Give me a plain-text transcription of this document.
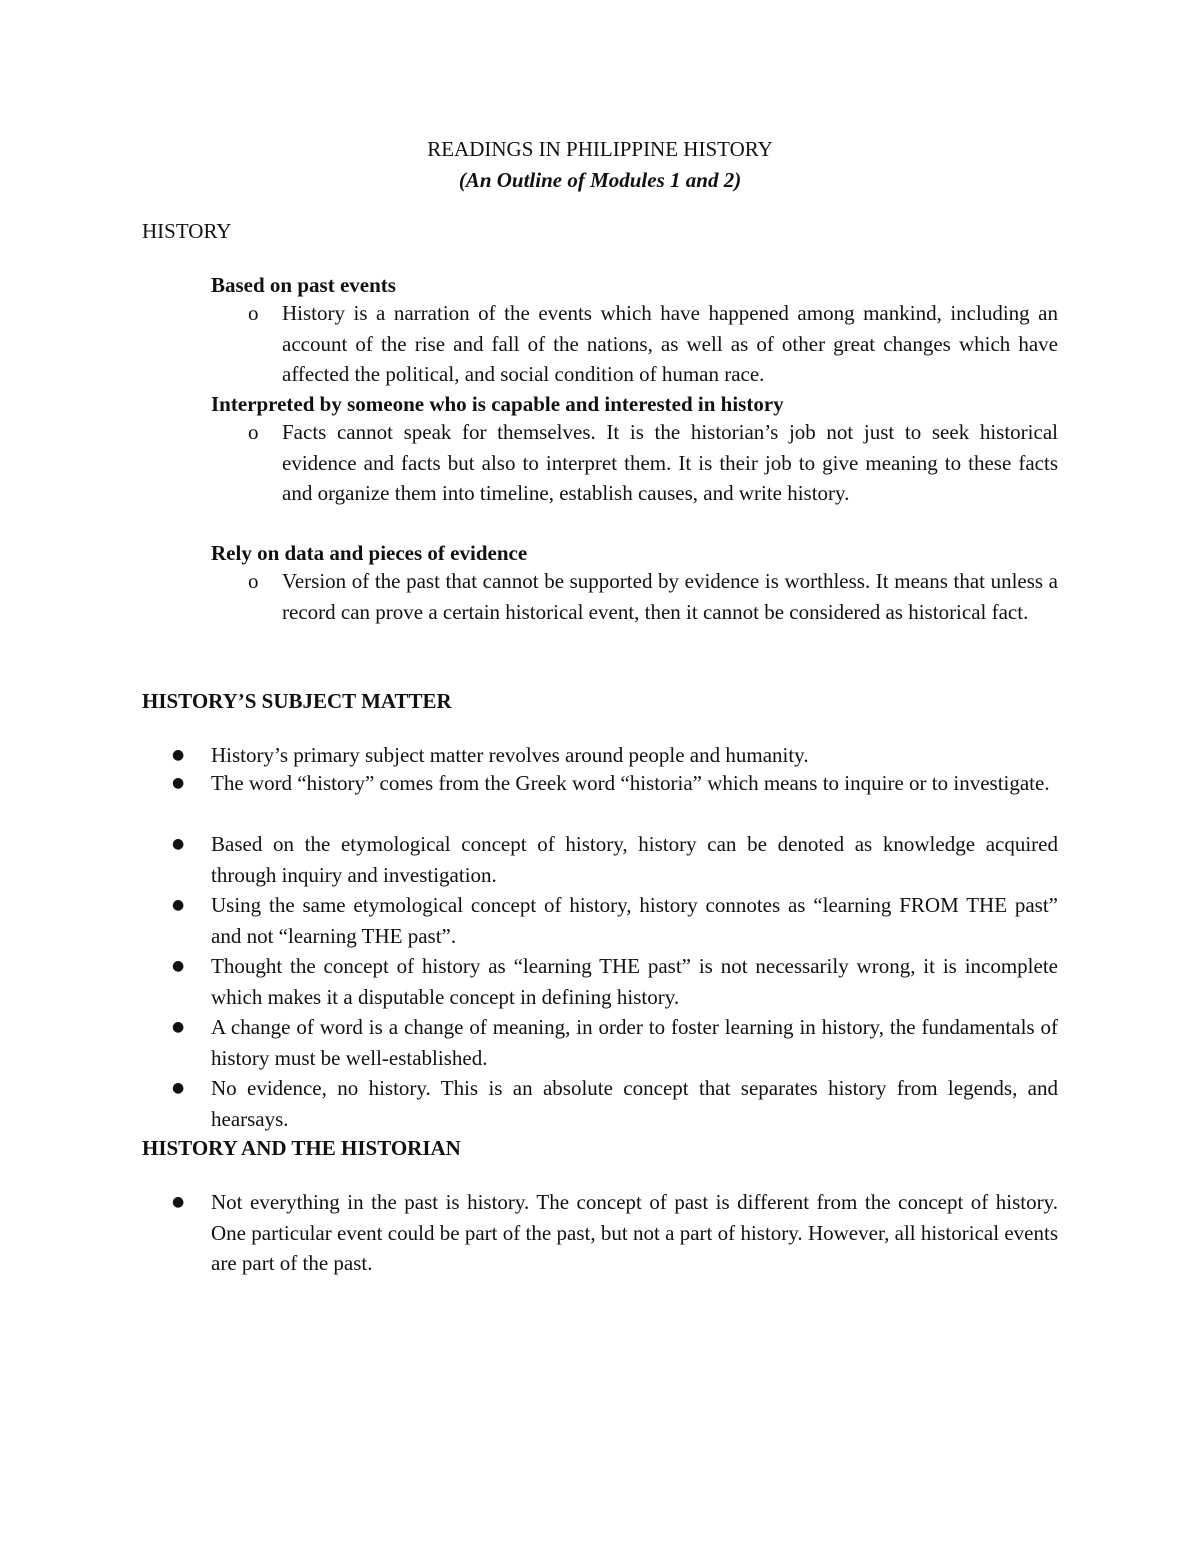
READINGS IN PHILIPPINE HISTORY
(An Outline of Modules 1 and 2)
HISTORY
Based on past events
o	History is a narration of the events which have happened among mankind, including an account of the rise and fall of the nations, as well as of other great changes which have affected the political, and social condition of human race.
Interpreted by someone who is capable and interested in history
o	Facts cannot speak for themselves. It is the historian’s job not just to seek historical evidence and facts but also to interpret them. It is their job to give meaning to these facts and organize them into timeline, establish causes, and write history.
Rely on data and pieces of evidence
o	Version of the past that cannot be supported by evidence is worthless. It means that unless a record can prove a certain historical event, then it cannot be considered as historical fact.
HISTORY’S SUBJECT MATTER
●	History’s primary subject matter revolves around people and humanity.
●	The word “history” comes from the Greek word “historia” which means to inquire or to investigate.
●	Based on the etymological concept of history, history can be denoted as knowledge acquired through inquiry and investigation.
●	Using the same etymological concept of history, history connotes as “learning FROM THE past” and not “learning THE past”.
●	Thought the concept of history as “learning THE past” is not necessarily wrong, it is incomplete which makes it a disputable concept in defining history.
●	A change of word is a change of meaning, in order to foster learning in history, the fundamentals of history must be well-established.
●	No evidence, no history. This is an absolute concept that separates history from legends, and hearsays.
HISTORY AND THE HISTORIAN
●	Not everything in the past is history. The concept of past is different from the concept of history. One particular event could be part of the past, but not a part of history. However, all historical events are part of the past.
